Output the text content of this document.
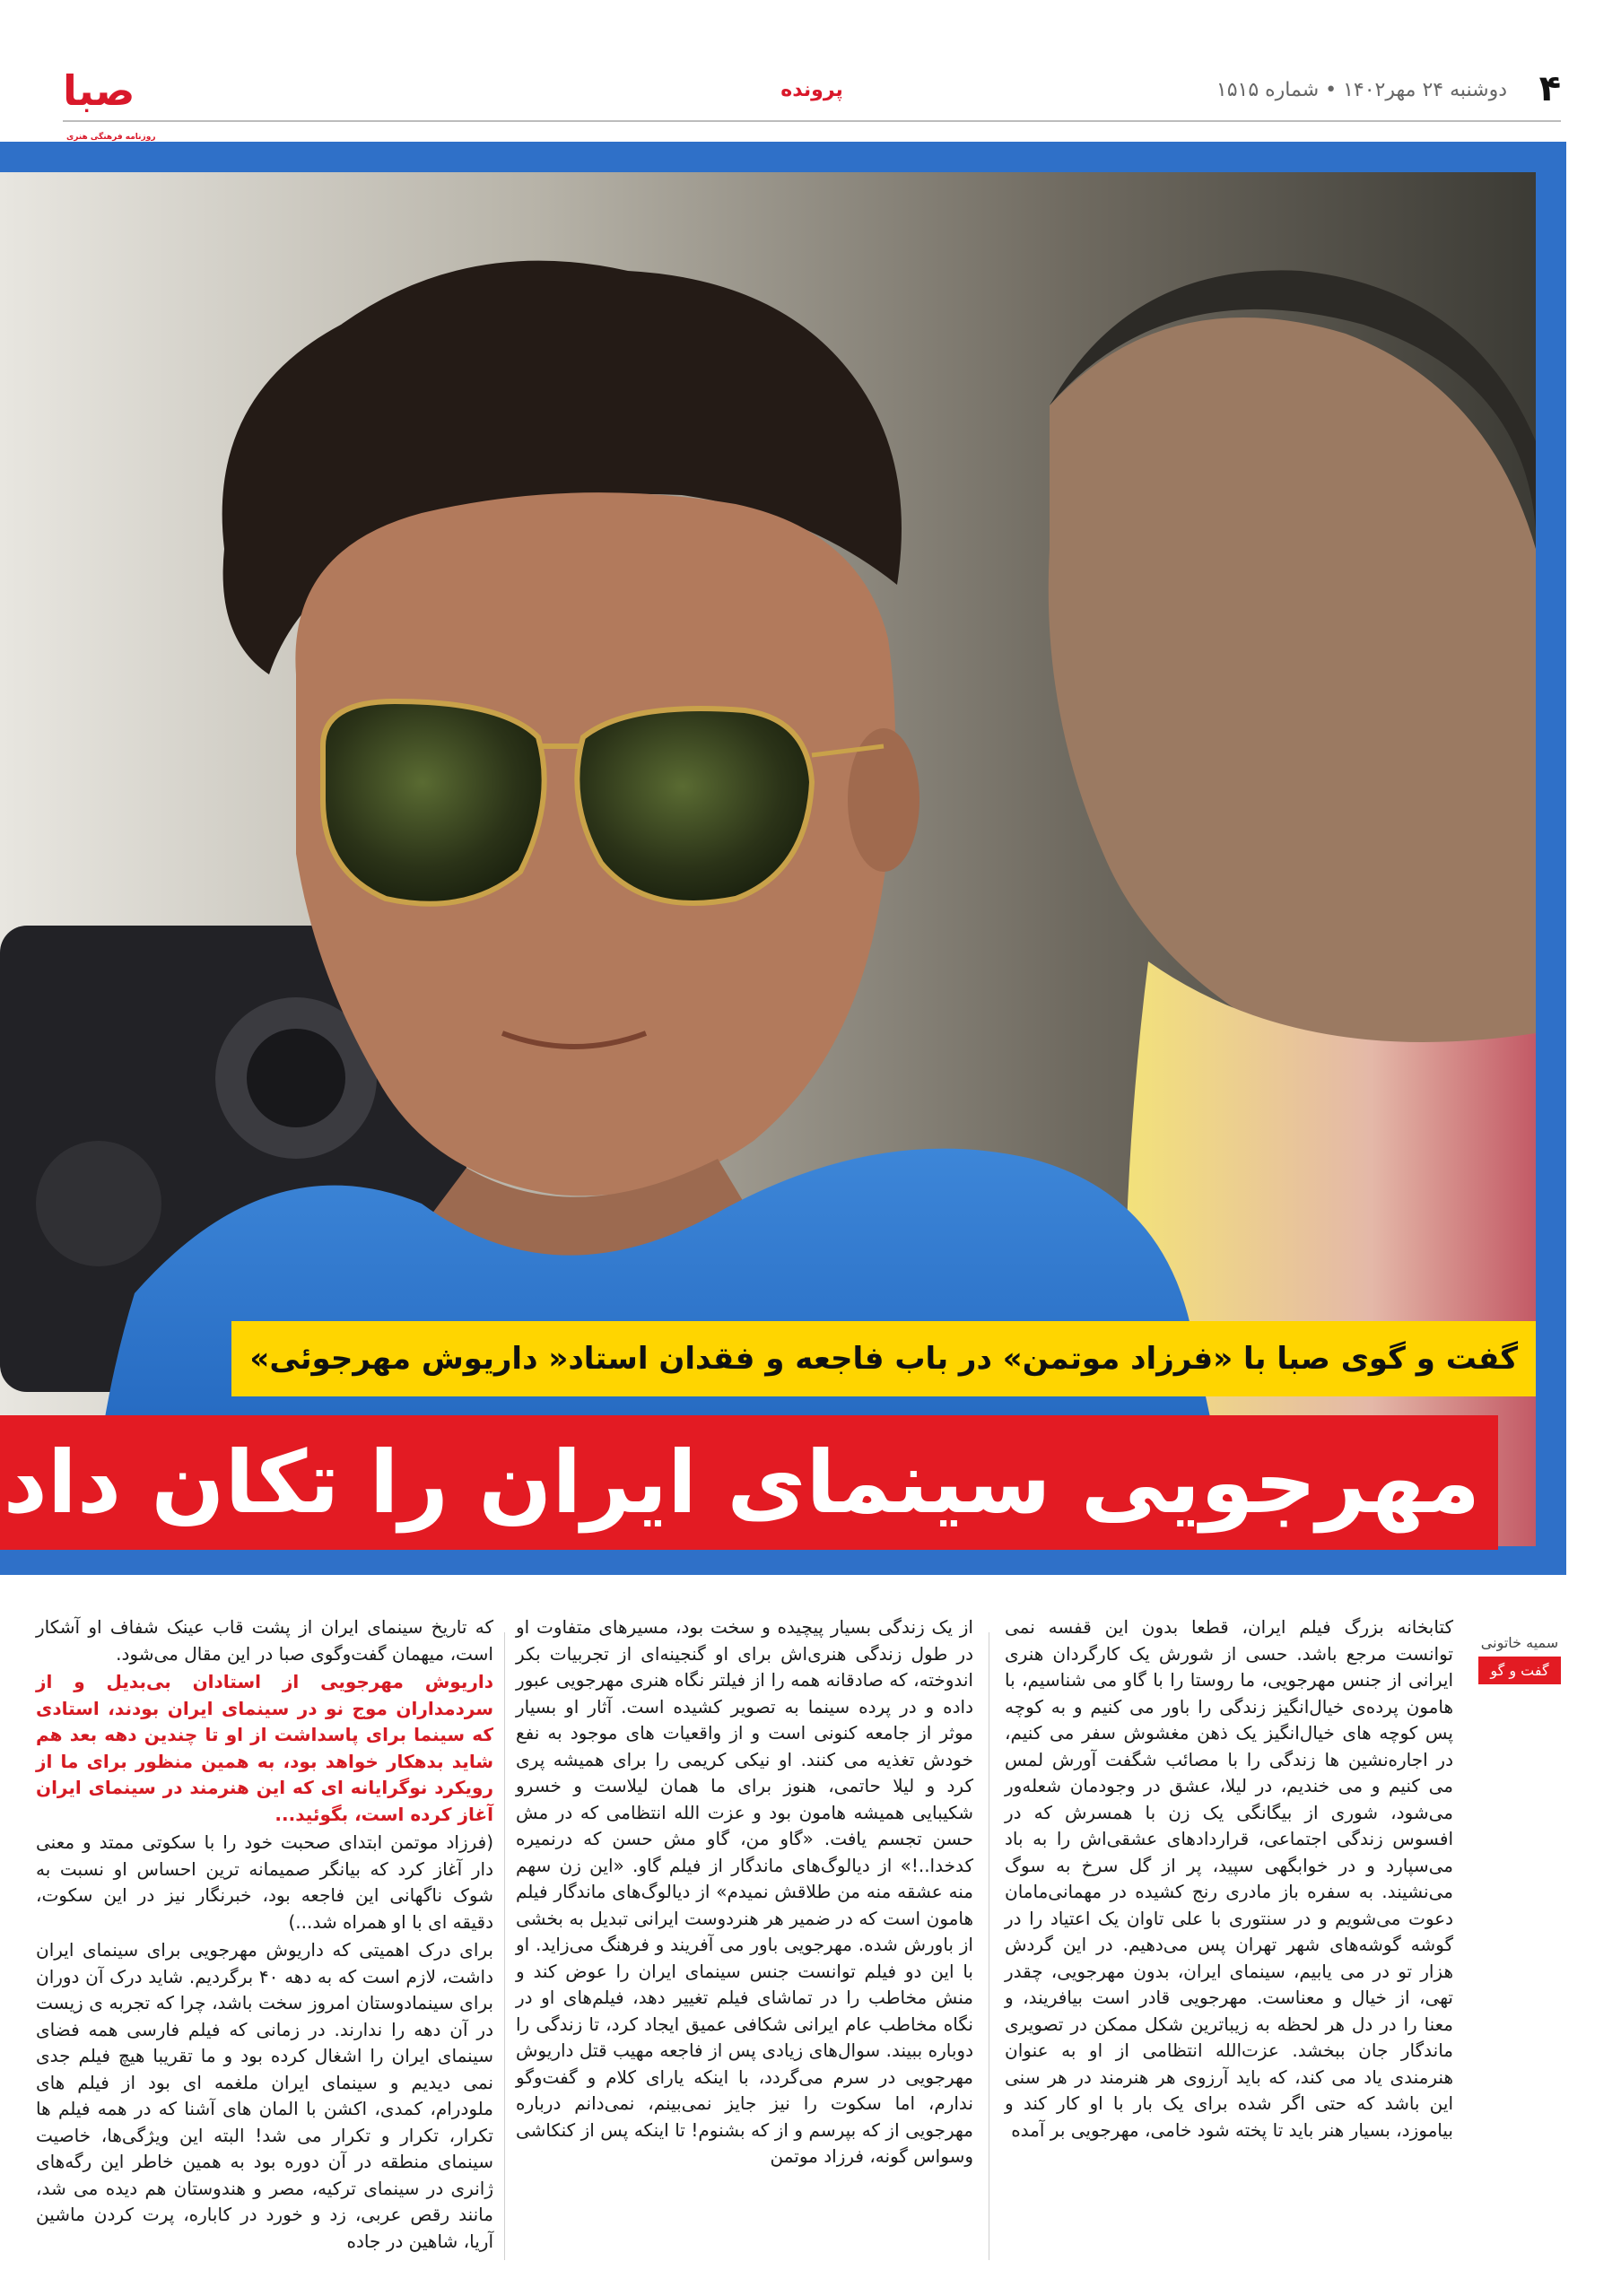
صبا
روزنامه فرهنگی هنری
پرونده	۴
دوشنبه ۲۴ مهر۱۴۰۲ • شماره ۱۵۱۵
گفت و گوی صبا با «فرزاد موتمن» در باب فاجعه و فقدان استاد« داریوش مهرجوئی»
مهرجویی سینمای ایران را تکان داد
سمیه خاتونی
گفت و گو

کتابخانه بزرگ فیلم ایران، قطعا بدون این قفسه نمی توانست مرجع باشد. حسی از شورش یک کارگردان هنری ایرانی از جنس مهرجویی، ما روستا را با گاو می شناسیم، با هامون پرده‌ی خیال‌انگیز زندگی را باور می کنیم و به کوچه پس کوچه های خیال‌انگیز یک ذهن مغشوش سفر می کنیم، در اجاره‌نشین ها زندگی را با مصائب شگفت آورش لمس می کنیم و می خندیم، در لیلا، عشق در وجودمان شعله‌ور می‌شود، شوری از بیگانگی یک زن با همسرش که در افسوس زندگی اجتماعی، قراردادهای عشقی‌اش را به باد می‌سپارد و در خوابگهی سپید، پر از گل سرخ به سوگ می‌نشیند. به سفره باز مادری رنج کشیده در مهمانی‌مامان دعوت می‌شویم و در سنتوری با علی تاوان یک اعتیاد را در گوشه گوشه‌های شهر تهران پس می‌دهیم. در این گردش هزار تو در می یابیم، سینمای ایران، بدون مهرجویی، چقدر تهی، از خیال و معناست. مهرجویی قادر است بیافریند، و معنا را در دل هر لحظه به زیباترین شکل ممکن در تصویری ماندگار جان ببخشد. عزت‌الله انتظامی از او به عنوان هنرمندی یاد می کند، که باید آرزوی هر هنرمند در هر سنی این باشد که حتی اگر شده برای یک بار با او کار کند و بیاموزد، بسیار هنر باید تا پخته شود خامی، مهرجویی بر آمده

از یک زندگی بسیار پیچیده و سخت بود، مسیرهای متفاوت او در طول زندگی هنری‌اش برای او گنجینه‌ای از تجربیات بکر اندوخته، که صادقانه همه را از فیلتر نگاه هنری مهرجویی عبور داده و در پرده سینما به تصویر کشیده است. آثار او بسیار موثر از جامعه کنونی است و از واقعیات های موجود به نفع خودش تغذیه می کنند. او نیکی کریمی را برای همیشه پری کرد و لیلا حاتمی، هنوز برای ما همان لیلاست و خسرو شکیبایی همیشه هامون بود و عزت الله انتظامی که در مش حسن تجسم یافت. «گاو من، گاو مش حسن که درنمیره کدخدا..!» از دیالوگ‌های ماندگار از فیلم گاو. «این زن سهم منه عشقه منه من طلاقش نمیدم» از دیالوگ‌های ماندگار فیلم هامون است که در ضمیر هر هنردوست ایرانی تبدیل به بخشی از باورش شده. مهرجویی باور می آفریند و فرهنگ می‌زاید. او با این دو فیلم توانست جنس سینمای ایران را عوض کند و منش مخاطب را در تماشای فیلم تغییر دهد، فیلم‌های او در نگاه مخاطب عام ایرانی شکافی عمیق ایجاد کرد، تا زندگی را دوباره ببیند. سوال‌های زیادی پس از فاجعه مهیب قتل داریوش مهرجویی در سرم می‌گردد، با اینکه یارای کلام و گفت‌وگو ندارم، اما سکوت را نیز جایز نمی‌بینم، نمی‌دانم درباره مهرجویی از که بپرسم و از که بشنوم! تا اینکه پس از کنکاشی وسواس گونه، فرزاد موتمن

که تاریخ سینمای ایران از پشت قاب عینک شفاف او آشکار است، میهمان گفت‌وگوی صبا در این مقال می‌شود.

داریوش مهرجویی از استادان بی‌بدیل و از سردمداران موج نو در سینمای ایران بودند، استادی که سینما برای پاسداشت از او تا چندین دهه بعد هم شاید بدهکار خواهد بود، به همین منظور برای ما از رویکرد نوگرایانه ای که این هنرمند در سینمای ایران آغاز کرده است، بگوئید...

(فرزاد موتمن ابتدای صحبت خود را با سکوتی ممتد و معنی دار آغاز کرد که بیانگر صمیمانه ترین احساس او نسبت به شوک ناگهانی این فاجعه بود، خبرنگار نیز در این سکوت، دقیقه ای با او همراه شد...)

برای درک اهمیتی که داریوش مهرجویی برای سینمای ایران داشت، لازم است که به دهه ۴۰ برگردیم. شاید درک آن دوران برای سینمادوستان امروز سخت باشد، چرا که تجربه ی زیست در آن دهه را ندارند. در زمانی که فیلم فارسی همه فضای سینمای ایران را اشغال کرده بود و ما تقریبا هیچ فیلم جدی نمی دیدیم و سینمای ایران ملغمه ای بود از فیلم های ملودرام، کمدی، اکشن با المان های آشنا که در همه فیلم ها تکرار، تکرار و تکرار می شد! البته این ویژگی‌ها، خاصیت سینمای منطقه در آن دوره بود به همین خاطر این رگه‌های ژانری در سینمای ترکیه، مصر و هندوستان هم دیده می شد، مانند رقص عربی، زد و خورد در کاباره، پرت کردن ماشین آریا، شاهین در جاده
